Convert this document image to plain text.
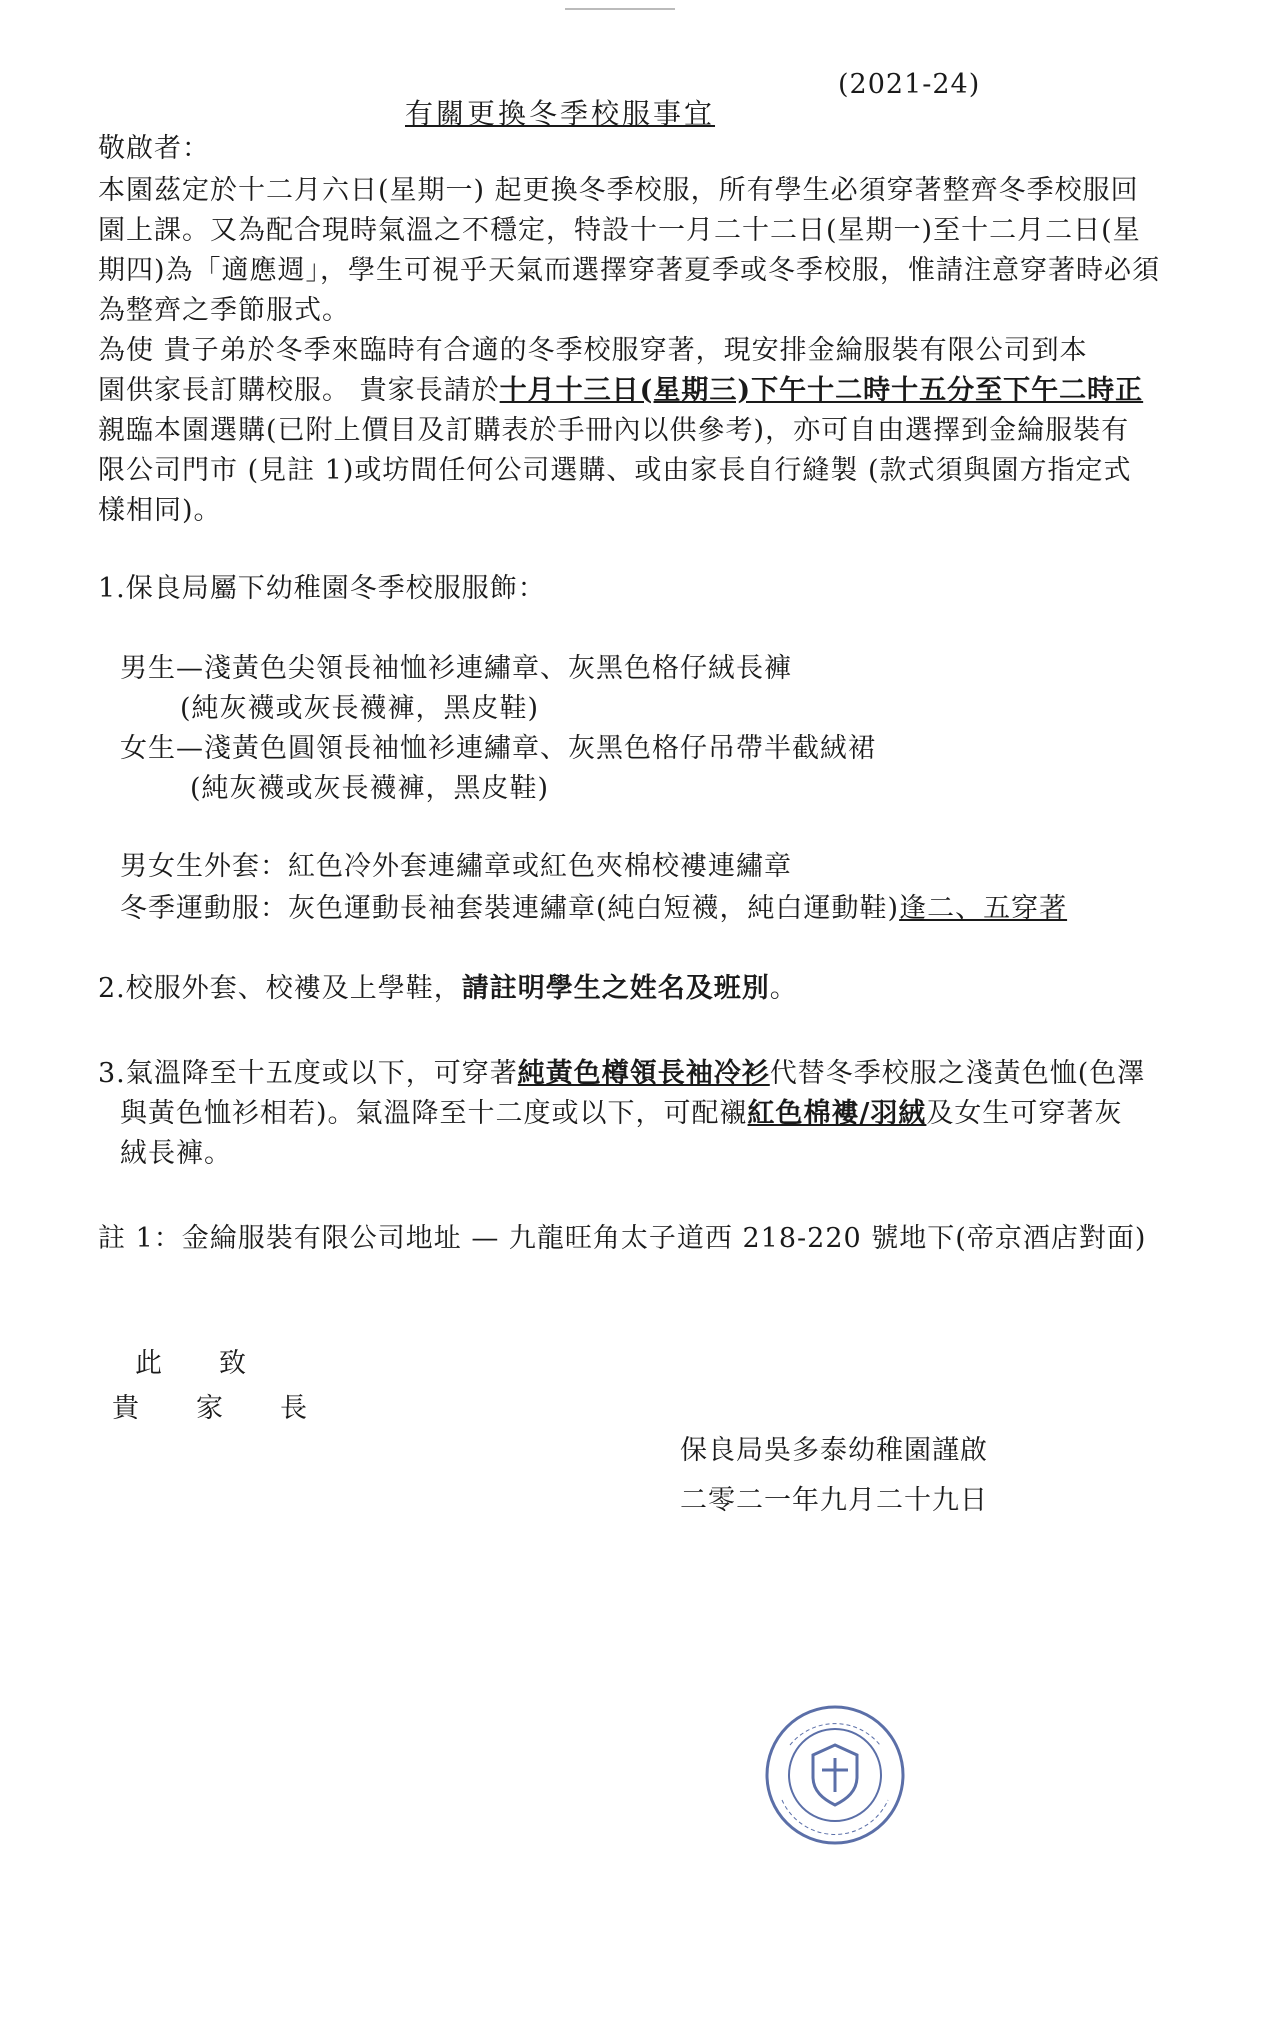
(2021-24)
有關更換冬季校服事宜
敬啟者：
本園茲定於十二月六日(星期一) 起更換冬季校服，所有學生必須穿著整齊冬季校服回
園上課。又為配合現時氣溫之不穩定，特設十一月二十二日(星期一)至十二月二日(星
期四)為「適應週」，學生可視乎天氣而選擇穿著夏季或冬季校服，惟請注意穿著時必須
為整齊之季節服式。
為使 貴子弟於冬季來臨時有合適的冬季校服穿著，現安排金綸服裝有限公司到本
園供家長訂購校服。 貴家長請於十月十三日(星期三)下午十二時十五分至下午二時正
親臨本園選購(已附上價目及訂購表於手冊內以供參考)，亦可自由選擇到金綸服裝有
限公司門市 (見註 1)或坊間任何公司選購、或由家長自行縫製 (款式須與園方指定式
樣相同)。
1.保良局屬下幼稚園冬季校服服飾：
男生—淺黃色尖領長袖恤衫連繡章、灰黑色格仔絨長褲
(純灰襪或灰長襪褲，黑皮鞋)
女生—淺黃色圓領長袖恤衫連繡章、灰黑色格仔吊帶半截絨裙
(純灰襪或灰長襪褲，黑皮鞋)
男女生外套：紅色冷外套連繡章或紅色夾棉校褸連繡章
冬季運動服：灰色運動長袖套裝連繡章(純白短襪，純白運動鞋)逢二、五穿著
2.校服外套、校褸及上學鞋，請註明學生之姓名及班別。
3.氣溫降至十五度或以下，可穿著純黃色樽領長袖冷衫代替冬季校服之淺黃色恤(色澤
與黃色恤衫相若)。氣溫降至十二度或以下，可配襯紅色棉褸/羽絨及女生可穿著灰
絨長褲。
註 1：金綸服裝有限公司地址 — 九龍旺角太子道西 218-220 號地下(帝京酒店對面)
此　　致
貴　　家　　長
保良局吳多泰幼稚園謹啟
二零二一年九月二十九日
